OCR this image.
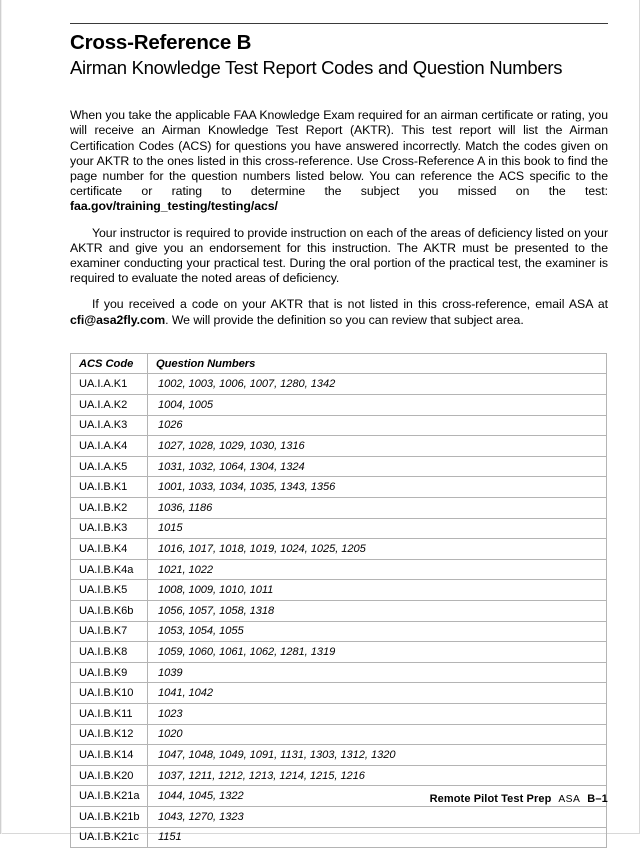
Cross-Reference B
Airman Knowledge Test Report Codes and Question Numbers

When you take the applicable FAA Knowledge Exam required for an airman certificate or rating, you will receive an Airman Knowledge Test Report (AKTR). This test report will list the Airman Certification Codes (ACS) for questions you have answered incorrectly. Match the codes given on your AKTR to the ones listed in this cross-reference. Use Cross-Reference A in this book to find the page number for the question numbers listed below. You can reference the ACS specific to the certificate or rating to determine the subject you missed on the test: faa.gov/training_testing/testing/acs/

Your instructor is required to provide instruction on each of the areas of deficiency listed on your AKTR and give you an endorsement for this instruction. The AKTR must be presented to the examiner conducting your practical test. During the oral portion of the practical test, the examiner is required to evaluate the noted areas of deficiency.

If you received a code on your AKTR that is not listed in this cross-reference, email ASA at cfi@asa2fly.com. We will provide the definition so you can review that subject area.

ACS Code	Question Numbers
UA.I.A.K1	1002, 1003, 1006, 1007, 1280, 1342
UA.I.A.K2	1004, 1005
UA.I.A.K3	1026
UA.I.A.K4	1027, 1028, 1029, 1030, 1316
UA.I.A.K5	1031, 1032, 1064, 1304, 1324
UA.I.B.K1	1001, 1033, 1034, 1035, 1343, 1356
UA.I.B.K2	1036, 1186
UA.I.B.K3	1015
UA.I.B.K4	1016, 1017, 1018, 1019, 1024, 1025, 1205
UA.I.B.K4a	1021, 1022
UA.I.B.K5	1008, 1009, 1010, 1011
UA.I.B.K6b	1056, 1057, 1058, 1318
UA.I.B.K7	1053, 1054, 1055
UA.I.B.K8	1059, 1060, 1061, 1062, 1281, 1319
UA.I.B.K9	1039
UA.I.B.K10	1041, 1042
UA.I.B.K11	1023
UA.I.B.K12	1020
UA.I.B.K14	1047, 1048, 1049, 1091, 1131, 1303, 1312, 1320
UA.I.B.K20	1037, 1211, 1212, 1213, 1214, 1215, 1216
UA.I.B.K21a	1044, 1045, 1322
UA.I.B.K21b	1043, 1270, 1323
UA.I.B.K21c	1151
Remote Pilot Test Prep ASA B–1
